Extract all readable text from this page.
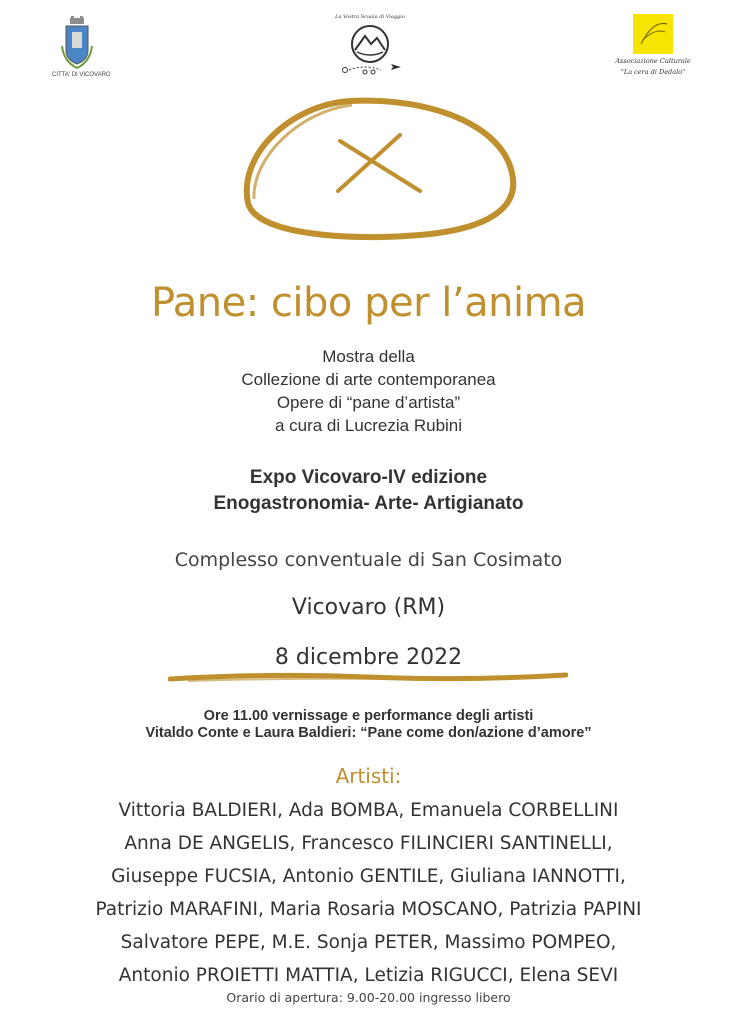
CITTA' DI VICOVARO
La Vostra Scuola di Viaggio
Associazione Culturale
"La cera di Dedalo"
Pane: cibo per l’anima
Mostra della
Collezione di arte contemporanea
Opere di “pane d’artista”
a cura di Lucrezia Rubini
Expo Vicovaro-IV edizione
Enogastronomia- Arte- Artigianato
Complesso conventuale di San Cosimato
Vicovaro (RM)
8 dicembre 2022
Ore 11.00 vernissage e performance degli artisti
Vitaldo Conte e Laura Baldieri: “Pane come don/azione d’amore”
Artisti:
Vittoria BALDIERI, Ada BOMBA, Emanuela CORBELLINI
Anna DE ANGELIS, Francesco FILINCIERI SANTINELLI,
Giuseppe FUCSIA, Antonio GENTILE, Giuliana IANNOTTI,
Patrizio MARAFINI, Maria Rosaria MOSCANO, Patrizia PAPINI
Salvatore PEPE, M.E. Sonja PETER, Massimo POMPEO,
Antonio PROIETTI MATTIA, Letizia RIGUCCI, Elena SEVI
Orario di apertura: 9.00-20.00 ingresso libero
